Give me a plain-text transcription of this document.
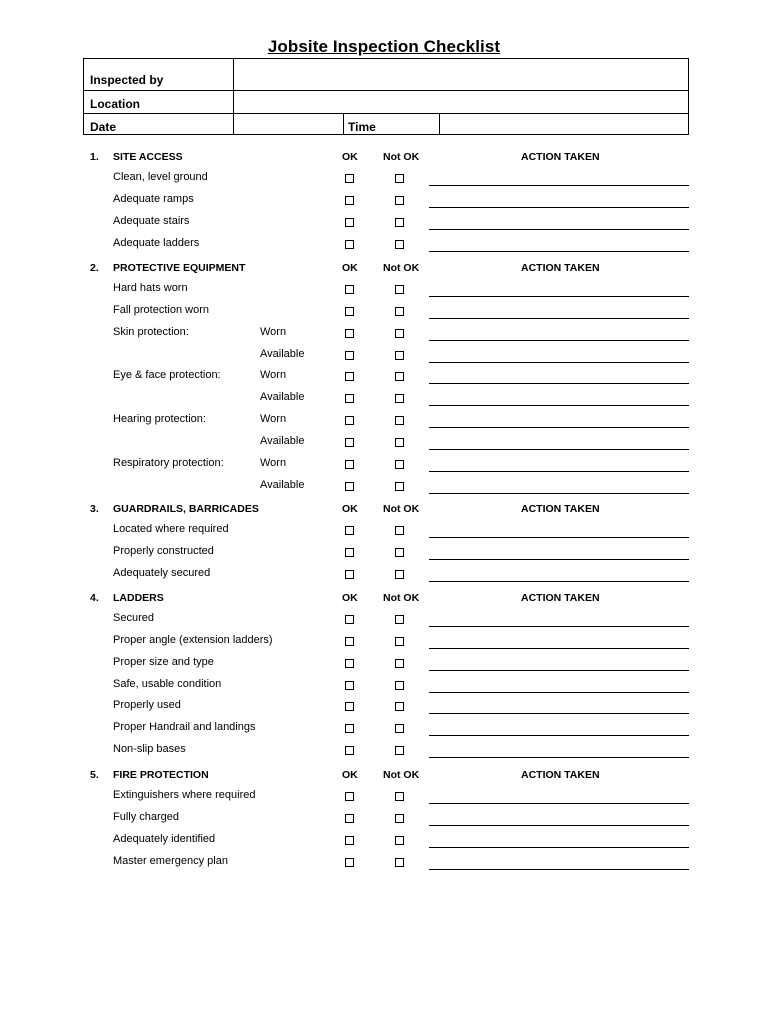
Jobsite Inspection Checklist
Inspected by
Location
Date	Time
1. SITE ACCESS	OK Not OK	ACTION TAKEN
Clean, level ground
Adequate ramps
Adequate stairs
Adequate ladders
2. PROTECTIVE EQUIPMENT	OK Not OK	ACTION TAKEN
Hard hats worn
Fall protection worn
Skin protection:	Worn
Available
Eye & face protection:	Worn
Available
Hearing protection:	Worn
Available
Respiratory protection:	Worn
Available
3. GUARDRAILS, BARRICADES	OK Not OK	ACTION TAKEN
Located where required
Properly constructed
Adequately secured
4. LADDERS	OK Not OK	ACTION TAKEN
Secured
Proper angle (extension ladders)
Proper size and type
Safe, usable condition
Properly used
Proper Handrail and landings
Non-slip bases
5. FIRE PROTECTION	OK Not OK	ACTION TAKEN
Extinguishers where required
Fully charged
Adequately identified
Master emergency plan
